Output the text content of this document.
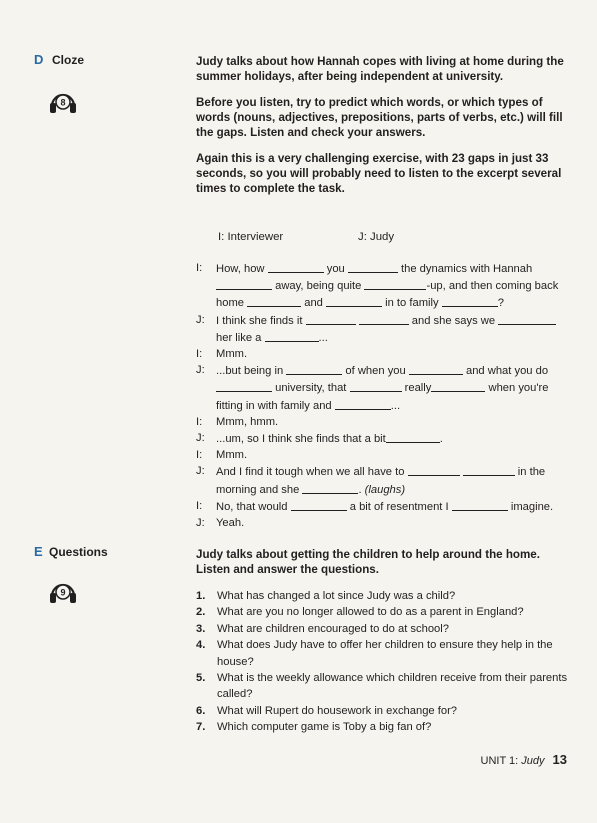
D Cloze
8

Judy talks about how Hannah copes with living at home during the summer holidays, after being independent at university.

Before you listen, try to predict which words, or which types of words (nouns, adjectives, prepositions, parts of verbs, etc.) will fill the gaps. Listen and check your answers.

Again this is a very challenging exercise, with 23 gaps in just 33 seconds, so you will probably need to listen to the excerpt several times to complete the task.

I: Interviewer	J: Judy
I:	How, how	you	the dynamics with Hannah
away, being quite	-up, and then coming back
home	and	in to family	?
J:	I think she finds it	and she says we
her like a	...
I:	Mmm.
J:	...but being in	of when you	and what you do
university, that	really	when you're
fitting in with family and	...
I:	Mmm, hmm.
J:	...um, so I think she finds that a bit	.
I:	Mmm.
J:	And I find it tough when we all have to	in the
morning and she	. (laughs)
I:	No, that would	a bit of resentment I	imagine.
J:	Yeah.
E Questions
9
Judy talks about getting the children to help around the home. Listen and answer the questions.
1.	What has changed a lot since Judy was a child?
2.	What are you no longer allowed to do as a parent in England?
3.	What are children encouraged to do at school?
4.	What does Judy have to offer her children to ensure they help in the house?
5.	What is the weekly allowance which children receive from their parents called?
6.	What will Rupert do housework in exchange for?
7.	Which computer game is Toby a big fan of?
UNIT 1: Judy 13
